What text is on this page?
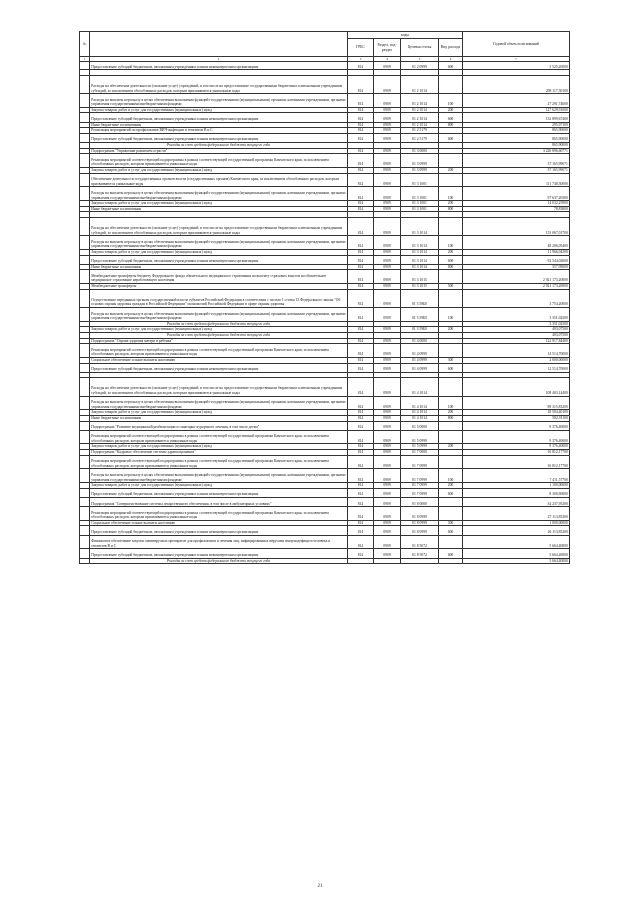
№		коды				Годовой объем ассигнований
		ГРБС	Раздел, под-раздел	Целевая статья	Вид расхода	
1	2	3	4	5	6	7
	Предоставление субсидий бюджетным, автономным учреждениям и иным некоммерческим организациям	814	0909	01 2 0999	600	5 525,20000

	Расходы на обеспечение деятельности (оказание услуг) учреждений, в том числе на предоставление государственным бюджетным и автономным учреждениям субсидий, за исключением обособленных расходов, которым присваиваются уникальные коды	814	0909	01 2 1014		298 117,30100
	Расходы на выплаты персоналу в целях обеспечения выполнения функций государственными (муниципальными) органами, казенными учреждениями, органами управления государственными внебюджетными фондами	814	0909	01 2 1014	100	27 291,74600
	Закупка товаров, работ и услуг для государственных (муниципальных) нужд	814	0909	01 2 1014	200	127 629,91000
	Предоставление субсидий бюджетным, автономным учреждениям и иным некоммерческим организациям	814	0909	01 2 1014	600	132 899,67400
	Иные бюджетные ассигнования	814	0909	01 2 1014	800	295,97100
	Реализация мероприятий по профилактике ВИЧ-инфекции и гепатитов В и С	814	0909	01 2 5179		865,90000
	Предоставление субсидий бюджетным, автономным учреждениям и иным некоммерческим организациям	814	0909	01 2 5179	600	865,90000
	Расходы за счет средств федерального бюджета текущего года					865,90000
	Подпрограмма "Управление развитием отрасли"	814	0909	01 3 0000		3 220 896,60771
	Реализация мероприятий соответствующей подпрограммы в рамках соответствующей государственной программы Камчатского края, за исключением обособленных расходов, которым присваиваются уникальные коды	814	0909	01 3 0999		37 165,99071
	Закупка товаров, работ и услуг для государственных (муниципальных) нужд	814	0909	01 3 0999	200	37 165,99071
	Обеспечение деятельности государственных органов власти (государственных органов) Камчатского края, за исключением обособленных расходов, которым присваиваются уникальные коды	814	0909	01 3 1001		111 748,30000
	Расходы на выплаты персоналу в целях обеспечения выполнения функций государственными (муниципальными) органами, казенными учреждениями, органами управления государственными внебюджетными фондами	814	0909	01 3 1001	100	97 637,20300
	Закупка товаров, работ и услуг для государственных (муниципальных) нужд	814	0909	01 3 1001	200	14 032,25900
	Иные бюджетные ассигнования	814	0909	01 3 1001	800	78,83800

	Расходы на обеспечение деятельности (оказание услуг) учреждений, в том числе на предоставление государственным бюджетным и автономным учреждениям субсидий, за исключением обособленных расходов, которым присваиваются уникальные коды	814	0909	01 3 1014		153 067,01700
	Расходы на выплаты персоналу в целях обеспечения выполнения функций государственными (муниципальными) органами, казенными учреждениями, органами управления государственными внебюджетными фондами	814	0909	01 3 1014	100	48 206,05400
	Закупка товаров, работ и услуг для государственных (муниципальных) нужд	814	0909	01 3 1014	200	11 966,04300
	Предоставление субсидий бюджетным, автономным учреждениям и иным некоммерческим организациям	814	0909	01 3 1014	600	92 544,02000
	Иные бюджетные ассигнования	814	0909	01 3 1014	800	357,99000
	Межбюджетные трансферты бюджету Федерального фонда обязательного медицинского страхования на выплату страховых взносов на обязательное медицинское страхование неработающего населения	814	0909	01 3 1015		2 921 173,20000
	Межбюджетные трансферты	814	0909	01 3 1015	500	2 921 173,20000
	Осуществление переданных органам государственной власти субъектов Российской Федерации в соответствии с частью 1 статьи 15 Федерального закона "Об основах охраны здоровья граждан в Российской Федерации" полномочий Российской Федерации в сфере охраны здоровья	814	0909	01 3 59Б0		3 754,20000
	Расходы на выплаты персоналу в целях обеспечения выполнения функций государственными (муниципальными) органами, казенными учреждениями, органами управления государственными внебюджетными фондами	814	0909	01 3 59Б0	100	3 351,02500
	Расходы за счет средств федерального бюджета текущего года					3 351,02500
	Закупка товаров, работ и услуг для государственных (муниципальных) нужд	814	0909	01 3 59Б0	200	403,07500
	Расходы за счет средств федерального бюджета текущего года					403,07500
	Подпрограмма "Охрана здоровья матери и ребенка"	814	0909	01 4 0000		122 917,84400
	Реализация мероприятий соответствующей подпрограммы в рамках соответствующей государственной программы Камчатского края, за исключением обособленных расходов, которым присваиваются уникальные коды	814	0909	01 4 0999		14 514,70000
	Социальное обеспечение и иные выплаты населению	814	0909	01 4 0999	300	2 000,00000
	Предоставление субсидий бюджетным, автономным учреждениям и иным некоммерческим организациям	814	0909	01 4 0999	600	12 514,70000

	Расходы на обеспечение деятельности (оказание услуг) учреждений, в том числе на предоставление государственным бюджетным и автономным учреждениям субсидий, за исключением обособленных расходов, которым присваиваются уникальные коды	814	0909	01 4 1014		108 403,14400
	Расходы на выплаты персоналу в целях обеспечения выполнения функций государственными (муниципальными) органами, казенными учреждениями, органами управления государственными внебюджетными фондами	814	0909	01 4 1014	100	89 315,83200
	Закупка товаров, работ и услуг для государственных (муниципальных) нужд	814	0909	01 4 1014	200	18 504,40100
	Иные бюджетные ассигнования	814	0909	01 4 1014	800	582,91100
	Подпрограмма "Развитие медицинской реабилитации и санаторно-курортного лечения, в том числе детям"	814	0909	01 5 0000		9 376,40000
	Реализация мероприятий соответствующей подпрограммы в рамках соответствующей государственной программы Камчатского края, за исключением обособленных расходов, которым присваиваются уникальные коды	814	0909	01 5 0999		9 376,40000
	Закупка товаров, работ и услуг для государственных (муниципальных) нужд	814	0909	01 5 0999	200	9 376,40000
	Подпрограмма "Кадровое обеспечение системы здравоохранения"	814	0909	01 7 0000		16 812,17700
	Реализация мероприятий соответствующей подпрограммы в рамках соответствующей государственной программы Камчатского края, за исключением обособленных расходов, которым присваиваются уникальные коды	814	0909	01 7 0999		16 812,17700
	Расходы на выплаты персоналу в целях обеспечения выполнения функций государственными (муниципальными) органами, казенными учреждениями, органами управления государственными внебюджетными фондами	814	0909	01 7 0999	100	7 411,57700
	Закупка товаров, работ и услуг для государственных (муниципальных) нужд	814	0909	01 7 0999	200	1 100,00000
	Предоставление субсидий бюджетным, автономным учреждениям и иным некоммерческим организациям	814	0909	01 7 0999	600	8 300,60000
	Подпрограмма "Совершенствование системы лекарственного обеспечения, в том числе в амбулаторных условиях"	814	0909	01 8 0000		34 237,95200
	Реализация мероприятий соответствующей подпрограммы в рамках соответствующей государственной программы Камчатского края, за исключением обособленных расходов, которым присваиваются уникальные коды	814	0909	01 8 0999		27 113,85200
	Социальное обеспечение и иные выплаты населению	814	0909	01 8 0999	300	1 000,00000
	Предоставление субсидий бюджетным, автономным учреждениям и иным некоммерческим организациям	814	0909	01 8 0999	600	26 113,85200
	Финансовое обеспечение закупок антивирусных препаратов для профилактики и лечения лиц, инфицированных вирусами иммунодефицита человека и гепатитов В и С	814	0909	01 8 5072		5 664,40000
	Предоставление субсидий бюджетным, автономным учреждениям и иным некоммерческим организациям	814	0909	01 8 5072	600	5 664,40000
	Расходы за счет средств федерального бюджета текущего года					5 664,40000
21
